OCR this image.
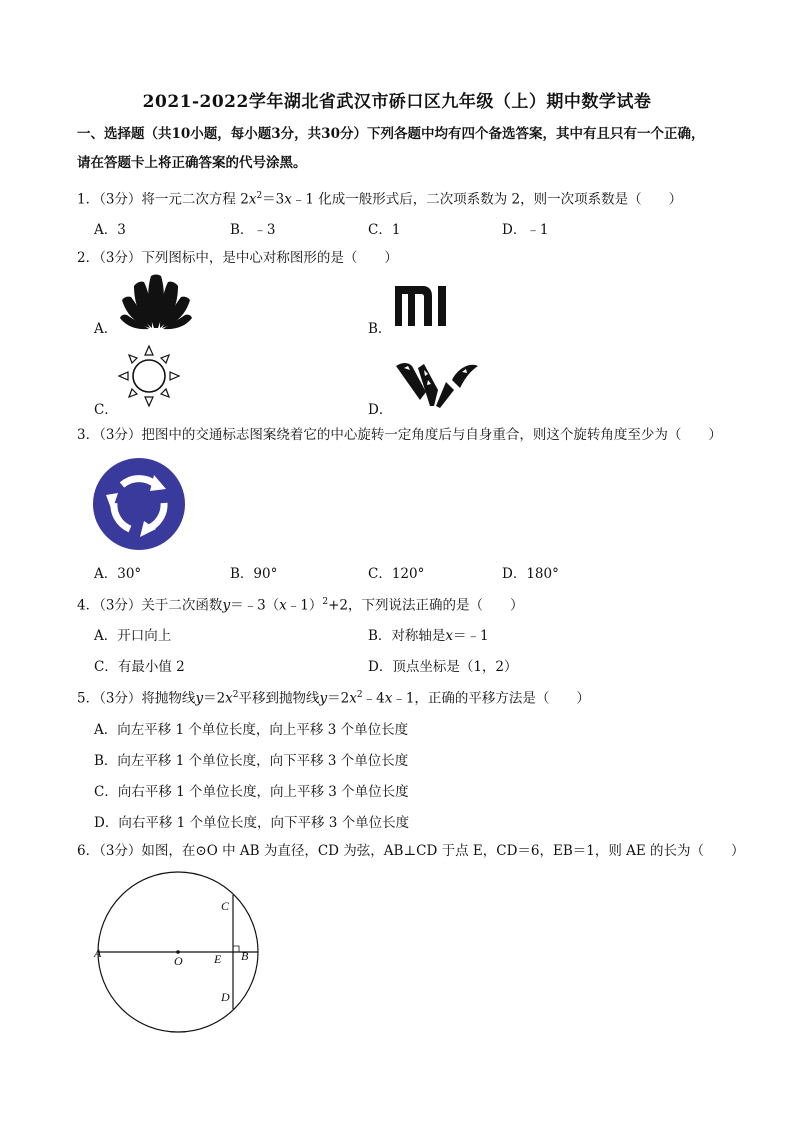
2021-2022学年湖北省武汉市硚口区九年级（上）期中数学试卷
一、选择题（共10小题，每小题3分，共30分）下列各题中均有四个备选答案，其中有且只有一个正确，
请在答题卡上将正确答案的代号涂黑。
1．（3分）将一元二次方程 $2x^2=3x﹣1$ 化成一般形式后，二次项系数为 2，则一次项系数是（　　）
A．3	B．﹣3	C．1	D．﹣1
2．（3分）下列图标中，是中心对称图形的是（　　）
A．	B．
C．	D．
3．（3分）把图中的交通标志图案绕着它的中心旋转一定角度后与自身重合，则这个旋转角度至少为（　　）
A．30°	B．90°	C．120°	D．180°
4．（3分）关于二次函数y＝﹣3（x﹣1）$^2$+2，下列说法正确的是（　　）
A．开口向上	B．对称轴是x＝﹣1
C．有最小值 2	D．顶点坐标是（1，2）
5．（3分）将抛物线$y=2x^2$平移到抛物线$y=2x^2﹣4x﹣1$，正确的平移方法是（　　）
A．向左平移 1 个单位长度，向上平移 3 个单位长度
B．向左平移 1 个单位长度，向下平移 3 个单位长度
C．向右平移 1 个单位长度，向上平移 3 个单位长度
D．向右平移 1 个单位长度，向下平移 3 个单位长度
6．（3分）如图，在⊙O 中 AB 为直径，CD 为弦，AB⊥CD 于点 E，CD＝6，EB＝1，则 AE 的长为（　　）
A
O	E B
C
D
